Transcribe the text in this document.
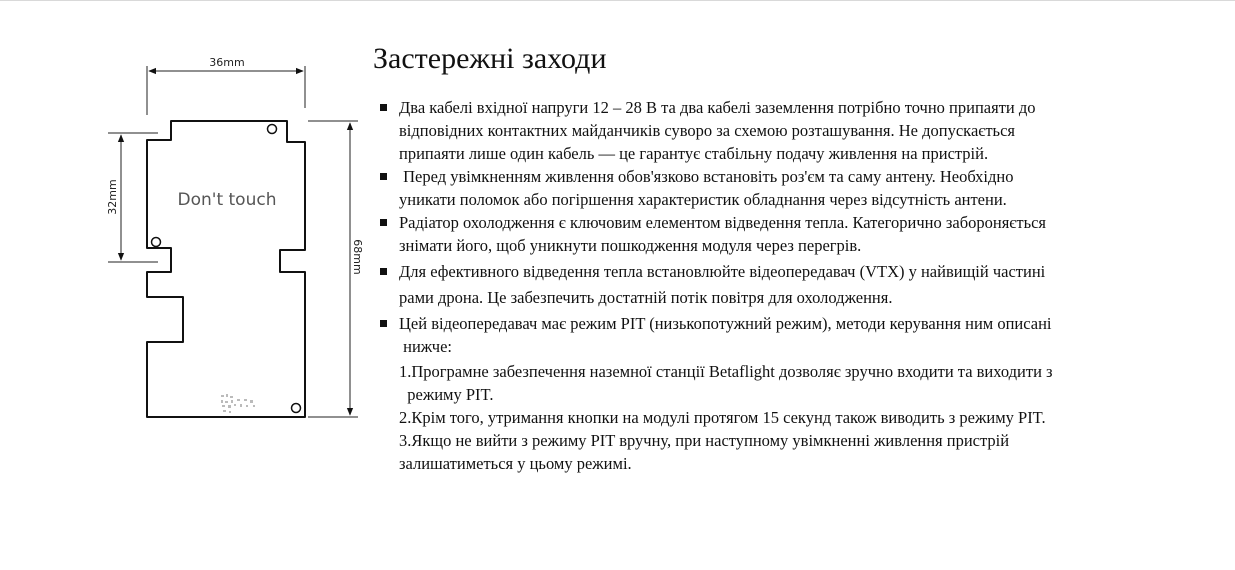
36mm
32mm
68mm
Don't touch
Застережні заходи
Два кабелі вхідної напруги 12 ‒ 28 В та два кабелі заземлення потрібно точно припаяти до
відповідних контактних майданчиків суворо за схемою розташування. Не допускається
припаяти лише один кабель — це гарантує стабільну подачу живлення на пристрій.
Перед увімкненням живлення обов'язково встановіть роз'єм та саму антену. Необхідно
уникати поломок або погіршення характеристик обладнання через відсутність антени.
Радіатор охолодження є ключовим елементом відведення тепла. Категорично забороняється
знімати його, щоб уникнути пошкодження модуля через перегрів.
Для ефективного відведення тепла встановлюйте відеопередавач (VTX) у найвищій частині
рами дрона. Це забезпечить достатній потік повітря для охолодження.
Цей відеопередавач має режим PIT (низькопотужний режим), методи керування ним описані
нижче:
1.Програмне забезпечення наземної станції Betaflight дозволяє зручно входити та виходити з
режиму PIT.
2.Крім того, утримання кнопки на модулі протягом 15 секунд також виводить з режиму PIT.
3.Якщо не вийти з режиму PIT вручну, при наступному увімкненні живлення пристрій
залишатиметься у цьому режимі.
